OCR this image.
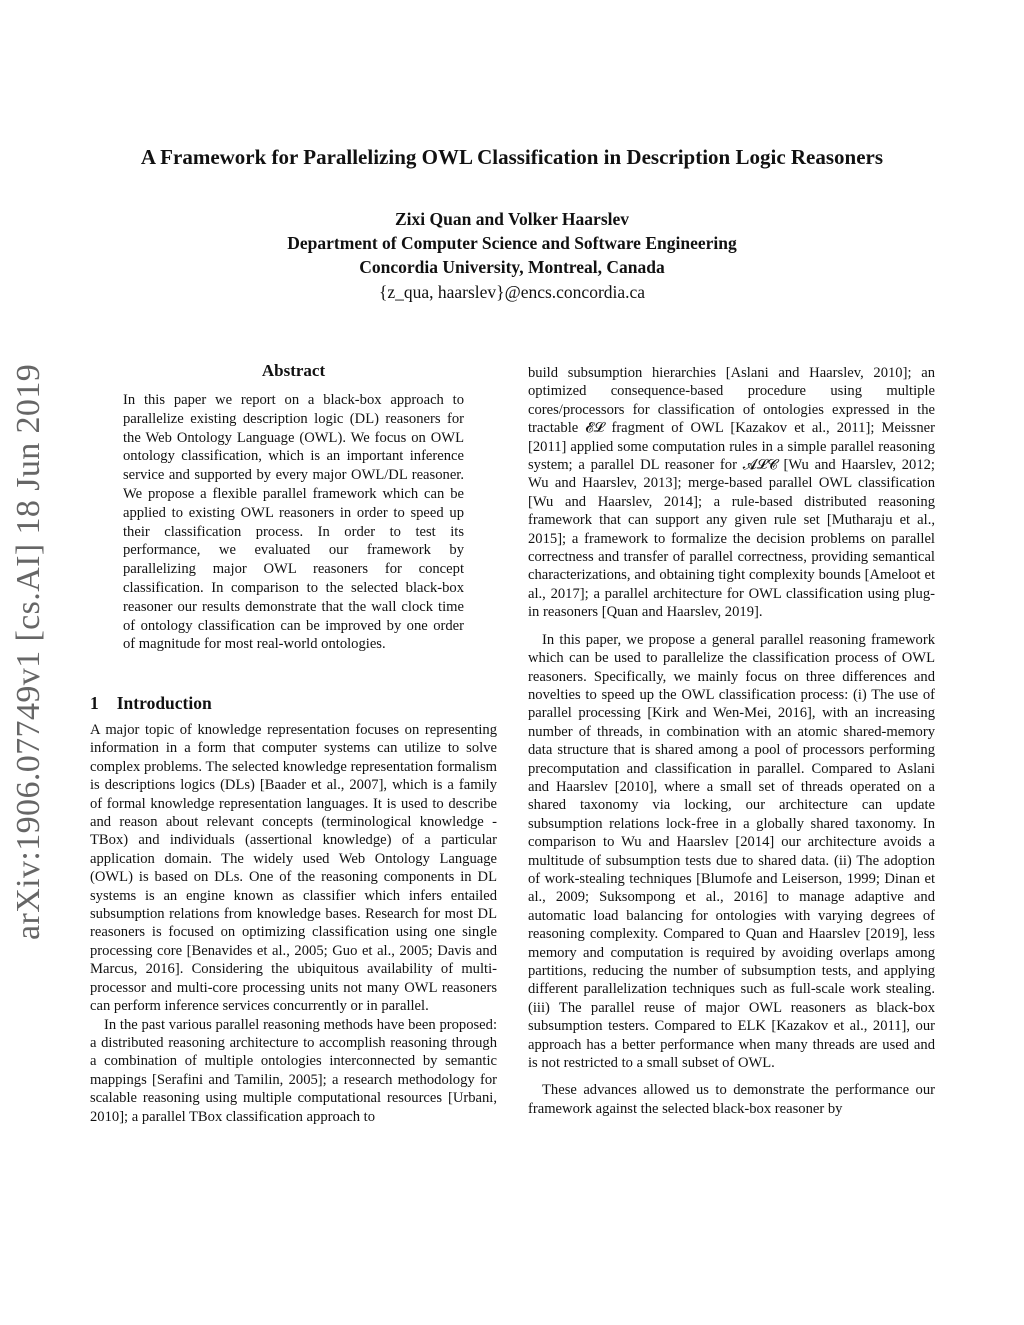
A Framework for Parallelizing OWL Classification in Description Logic Reasoners
Zixi Quan and Volker Haarslev
Department of Computer Science and Software Engineering
Concordia University, Montreal, Canada
{z_qua, haarslev}@encs.concordia.ca
arXiv:1906.07749v1 [cs.AI] 18 Jun 2019	Abstract
In this paper we report on a black-box approach to parallelize existing description logic (DL) reasoners for the Web Ontology Language (OWL). We focus on OWL ontology classification, which is an important inference service and supported by every major OWL/DL reasoner. We propose a flexible parallel framework which can be applied to existing OWL reasoners in order to speed up their classification process. In order to test its performance, we evaluated our framework by parallelizing major OWL reasoners for concept classification. In comparison to the selected black-box reasoner our results demonstrate that the wall clock time of ontology classification can be improved by one order of magnitude for most real-world ontologies.
1 Introduction

A major topic of knowledge representation focuses on representing information in a form that computer systems can utilize to solve complex problems. The selected knowledge representation formalism is descriptions logics (DLs) [Baader et al., 2007], which is a family of formal knowledge representation languages. It is used to describe and reason about relevant concepts (terminological knowledge - TBox) and individuals (assertional knowledge) of a particular application domain. The widely used Web Ontology Language (OWL) is based on DLs. One of the reasoning components in DL systems is an engine known as classifier which infers entailed subsumption relations from knowledge bases. Research for most DL reasoners is focused on optimizing classification using one single processing core [Benavides et al., 2005; Guo et al., 2005; Davis and Marcus, 2016]. Considering the ubiquitous availability of multi-processor and multi-core processing units not many OWL reasoners can perform inference services concurrently or in parallel.

In the past various parallel reasoning methods have been proposed: a distributed reasoning architecture to accomplish reasoning through a combination of multiple ontologies interconnected by semantic mappings [Serafini and Tamilin, 2005]; a research methodology for scalable reasoning using multiple computational resources [Urbani, 2010]; a parallel TBox classification approach to

build subsumption hierarchies [Aslani and Haarslev, 2010]; an optimized consequence-based procedure using multiple cores/processors for classification of ontologies expressed in the tractable 𝓔𝓛 fragment of OWL [Kazakov et al., 2011]; Meissner [2011] applied some computation rules in a simple parallel reasoning system; a parallel DL reasoner for 𝓐𝓛𝓒 [Wu and Haarslev, 2012; Wu and Haarslev, 2013]; merge-based parallel OWL classification [Wu and Haarslev, 2014]; a rule-based distributed reasoning framework that can support any given rule set [Mutharaju et al., 2015]; a framework to formalize the decision problems on parallel correctness and transfer of parallel correctness, providing semantical characterizations, and obtaining tight complexity bounds [Ameloot et al., 2017]; a parallel architecture for OWL classification using plug-in reasoners [Quan and Haarslev, 2019].

In this paper, we propose a general parallel reasoning framework which can be used to parallelize the classification process of OWL reasoners. Specifically, we mainly focus on three differences and novelties to speed up the OWL classification process: (i) The use of parallel processing [Kirk and Wen-Mei, 2016], with an increasing number of threads, in combination with an atomic shared-memory data structure that is shared among a pool of processors performing precomputation and classification in parallel. Compared to Aslani and Haarslev [2010], where a small set of threads operated on a shared taxonomy via locking, our architecture can update subsumption relations lock-free in a globally shared taxonomy. In comparison to Wu and Haarslev [2014] our architecture avoids a multitude of subsumption tests due to shared data. (ii) The adoption of work-stealing techniques [Blumofe and Leiserson, 1999; Dinan et al., 2009; Suksompong et al., 2016] to manage adaptive and automatic load balancing for ontologies with varying degrees of reasoning complexity. Compared to Quan and Haarslev [2019], less memory and computation is required by avoiding overlaps among partitions, reducing the number of subsumption tests, and applying different parallelization techniques such as full-scale work stealing. (iii) The parallel reuse of major OWL reasoners as black-box subsumption testers. Compared to ELK [Kazakov et al., 2011], our approach has a better performance when many threads are used and is not restricted to a small subset of OWL.

These advances allowed us to demonstrate the performance our framework against the selected black-box reasoner by
